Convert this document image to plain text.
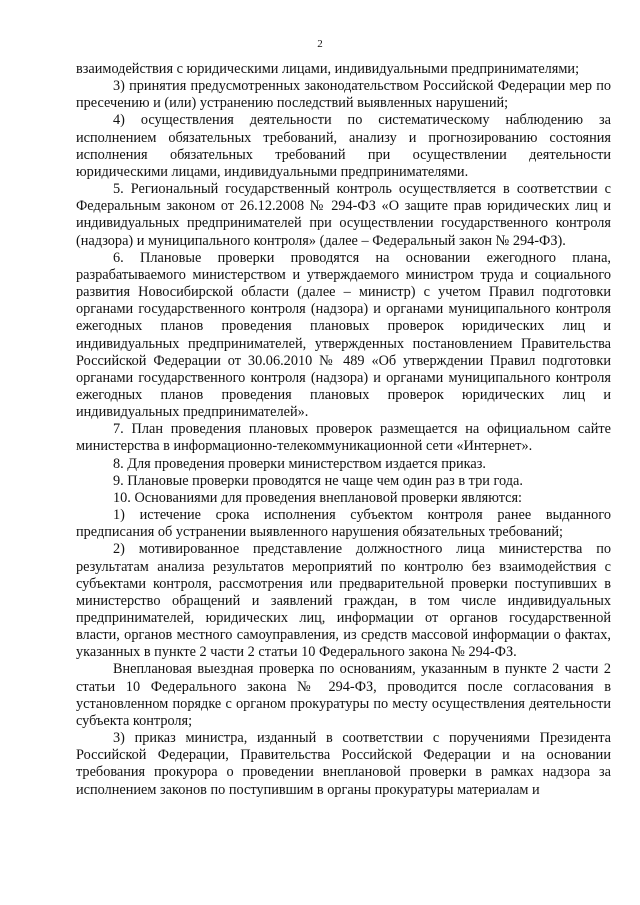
2

взаимодействия с юридическими лицами, индивидуальными предпринимателями;

3) принятия предусмотренных законодательством Российской Федерации мер по пресечению и (или) устранению последствий выявленных нарушений;

4) осуществления деятельности по систематическому наблюдению за исполнением обязательных требований, анализу и прогнозированию состояния исполнения обязательных требований при осуществлении деятельности юридическими лицами, индивидуальными предпринимателями.

5. Региональный государственный контроль осуществляется в соответствии с Федеральным законом от 26.12.2008 № 294-ФЗ «О защите прав юридических лиц и индивидуальных предпринимателей при осуществлении государственного контроля (надзора) и муниципального контроля» (далее – Федеральный закон № 294-ФЗ).

6. Плановые проверки проводятся на основании ежегодного плана, разрабатываемого министерством и утверждаемого министром труда и социального развития Новосибирской области (далее – министр) с учетом Правил подготовки органами государственного контроля (надзора) и органами муниципального контроля ежегодных планов проведения плановых проверок юридических лиц и индивидуальных предпринимателей, утвержденных постановлением Правительства Российской Федерации от 30.06.2010 № 489 «Об утверждении Правил подготовки органами государственного контроля (надзора) и органами муниципального контроля ежегодных планов проведения плановых проверок юридических лиц и индивидуальных предпринимателей».

7. План проведения плановых проверок размещается на официальном сайте министерства в информационно-телекоммуникационной сети «Интернет».

8. Для проведения проверки министерством издается приказ.

9. Плановые проверки проводятся не чаще чем один раз в три года.

10. Основаниями для проведения внеплановой проверки являются:

1) истечение срока исполнения субъектом контроля ранее выданного предписания об устранении выявленного нарушения обязательных требований;

2) мотивированное представление должностного лица министерства по результатам анализа результатов мероприятий по контролю без взаимодействия с субъектами контроля, рассмотрения или предварительной проверки поступивших в министерство обращений и заявлений граждан, в том числе индивидуальных предпринимателей, юридических лиц, информации от органов государственной власти, органов местного самоуправления, из средств массовой информации о фактах, указанных в пункте 2 части 2 статьи 10 Федерального закона № 294-ФЗ.

Внеплановая выездная проверка по основаниям, указанным в пункте 2 части 2 статьи 10 Федерального закона № 294-ФЗ, проводится после согласования в установленном порядке с органом прокуратуры по месту осуществления деятельности субъекта контроля;

3) приказ министра, изданный в соответствии с поручениями Президента Российской Федерации, Правительства Российской Федерации и на основании требования прокурора о проведении внеплановой проверки в рамках надзора за исполнением законов по поступившим в органы прокуратуры материалам и
